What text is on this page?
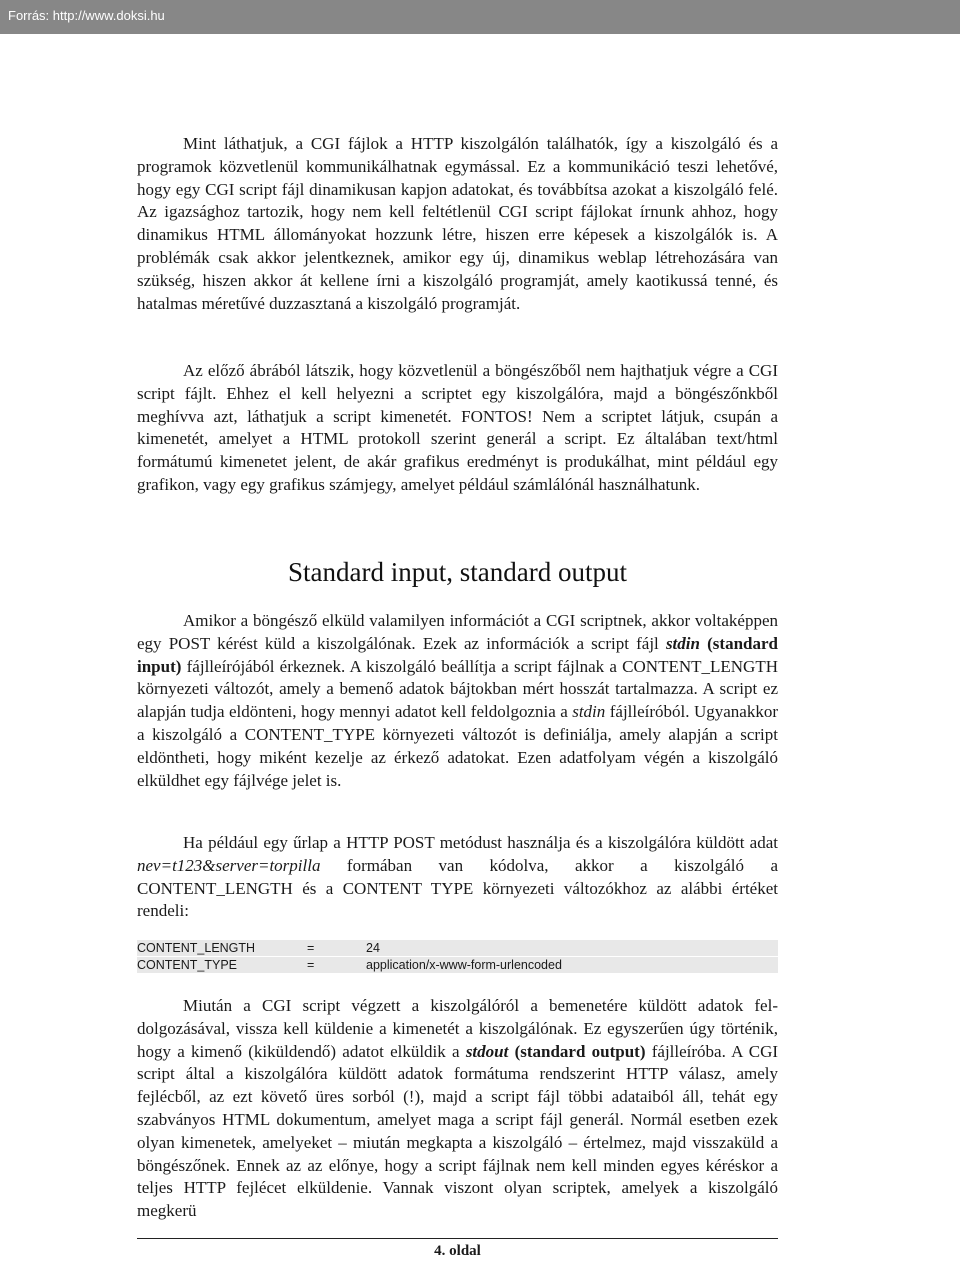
Forrás: http://www.doksi.hu

Mint láthatjuk, a CGI fájlok a HTTP kiszolgálón találhatók, így a kiszolgáló és a programok közvetlenül kommunikálhatnak egymással. Ez a kommunikáció teszi lehetővé, hogy egy CGI script fájl dinamikusan kapjon adatokat, és továbbítsa azokat a kiszolgáló felé. Az igazsághoz tartozik, hogy nem kell feltétlenül CGI script fájlokat írnunk ahhoz, hogy dinamikus HTML állományokat hozzunk létre, hiszen erre képesek a kiszolgálók is. A problémák csak akkor jelentkeznek, amikor egy új, dinamikus weblap létrehozására van szükség, hiszen akkor át kellene írni a kiszolgáló programját, amely kaotikussá tenné, és hatalmas méretűvé duzzasztaná a kiszolgáló programját.

Az előző ábrából látszik, hogy közvetlenül a böngészőből nem hajthatjuk végre a CGI script fájlt. Ehhez el kell helyezni a scriptet egy kiszolgálóra, majd a böngészőnkből meghívva azt, láthatjuk a script kimenetét. FONTOS! Nem a scriptet látjuk, csupán a kimenetét, amelyet a HTML protokoll szerint generál a script. Ez általában text/html formátumú kimenetet jelent, de akár grafikus eredményt is produkálhat, mint például egy grafikon, vagy egy grafikus számjegy, amelyet például számlálónál használhatunk.

Standard input, standard output

Amikor a böngésző elküld valamilyen információt a CGI scriptnek, akkor voltaképpen egy POST kérést küld a kiszolgálónak. Ezek az információk a script fájl stdin (standard input) fájlleírójából érkeznek. A kiszolgáló beállítja a script fájlnak a CONTENT_LENGTH környezeti változót, amely a bemenő adatok bájtokban mért hosszát tartalmazza. A script ez alapján tudja eldönteni, hogy mennyi adatot kell feldolgoznia a stdin fájlleíróból. Ugyanakkor a kiszolgáló a CONTENT_TYPE környezeti változót is definiálja, amely alapján a script eldöntheti, hogy miként kezelje az érkező adatokat. Ezen adatfolyam végén a kiszolgáló elküldhet egy fájlvége jelet is.

Ha például egy űrlap a HTTP POST metódust használja és a kiszolgálóra küldött adat nev=t123&server=torpilla formában van kódolva, akkor a kiszolgáló a CONTENT_LENGTH és a CONTENT TYPE környezeti változókhoz az alábbi értéket rendeli:

CONTENT_LENGTH	=	24
CONTENT_TYPE	=	application/x-www-form-urlencoded

Miután a CGI script végzett a kiszolgálóról a bemenetére küldött adatok feldolgozásával, vissza kell küldenie a kimenetét a kiszolgálónak. Ez egyszerűen úgy történik, hogy a kimenő (kiküldendő) adatot elküldik a stdout (standard output) fájlleíróba. A CGI script által a kiszolgálóra küldött adatok formátuma rendszerint HTTP válasz, amely fejlécből, az ezt követő üres sorból (!), majd a script fájl többi adataiból áll, tehát egy szabványos HTML dokumentum, amelyet maga a script fájl generál. Normál esetben ezek olyan kimenetek, amelyeket – miután megkapta a kiszolgáló – értelmez, majd visszaküld a böngészőnek. Ennek az az előnye, hogy a script fájlnak nem kell minden egyes kéréskor a teljes HTTP fejlécet elküldenie. Vannak viszont olyan scriptek, amelyek a kiszolgáló megkerü

4. oldal
